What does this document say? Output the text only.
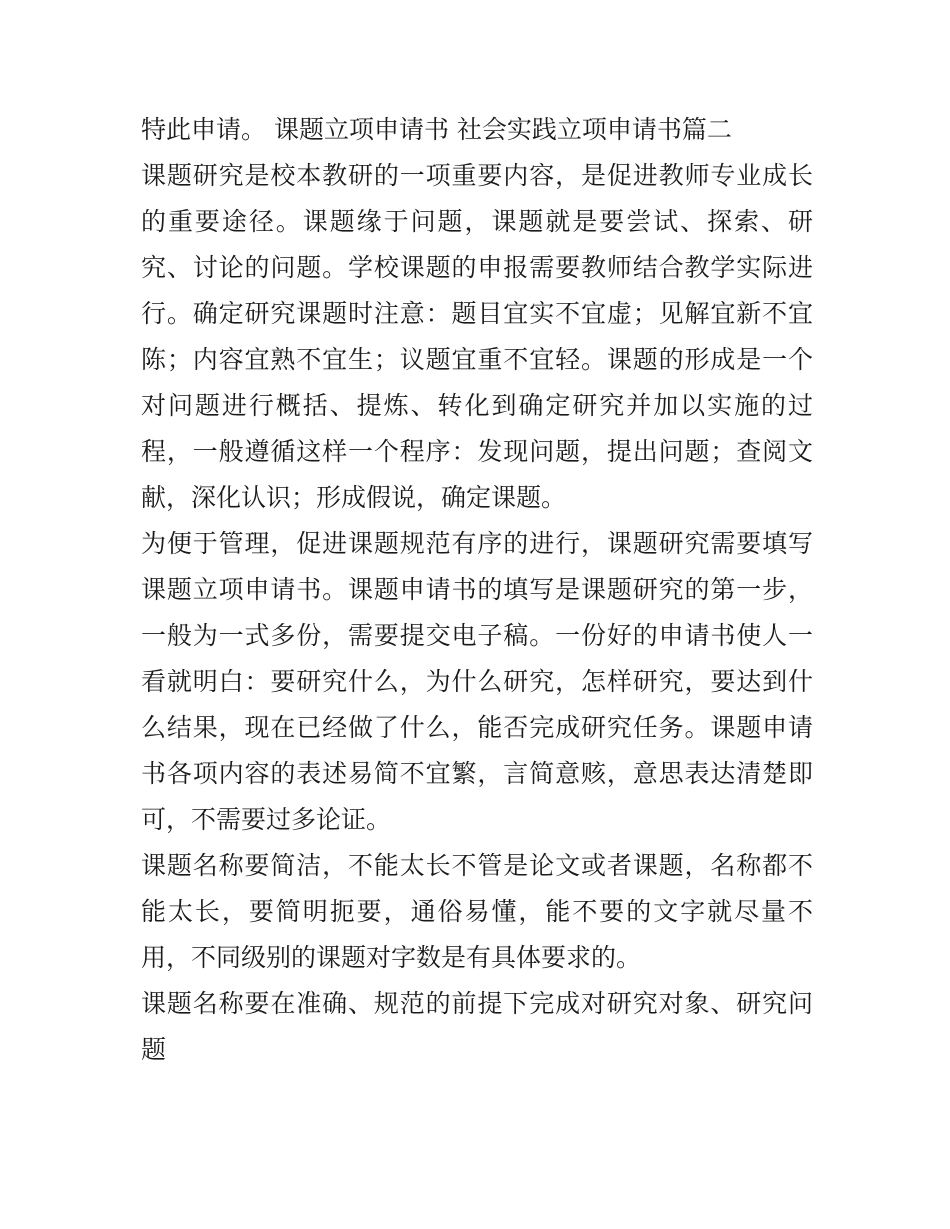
特此申请。 课题立项申请书 社会实践立项申请书篇二

课题研究是校本教研的一项重要内容，是促进教师专业成长的重要途径。课题缘于问题，课题就是要尝试、探索、研究、讨论的问题。学校课题的申报需要教师结合教学实际进行。确定研究课题时注意：题目宜实不宜虚；见解宜新不宜陈；内容宜熟不宜生；议题宜重不宜轻。课题的形成是一个对问题进行概括、提炼、转化到确定研究并加以实施的过程，一般遵循这样一个程序：发现问题，提出问题；查阅文献，深化认识；形成假说，确定课题。

为便于管理，促进课题规范有序的进行，课题研究需要填写课题立项申请书。课题申请书的填写是课题研究的第一步，一般为一式多份，需要提交电子稿。一份好的申请书使人一看就明白：要研究什么，为什么研究，怎样研究，要达到什么结果，现在已经做了什么，能否完成研究任务。课题申请书各项内容的表述易简不宜繁，言简意赅，意思表达清楚即可，不需要过多论证。

课题名称要简洁，不能太长不管是论文或者课题，名称都不能太长，要简明扼要，通俗易懂，能不要的文字就尽量不用，不同级别的课题对字数是有具体要求的。

课题名称要在准确、规范的前提下完成对研究对象、研究问题
